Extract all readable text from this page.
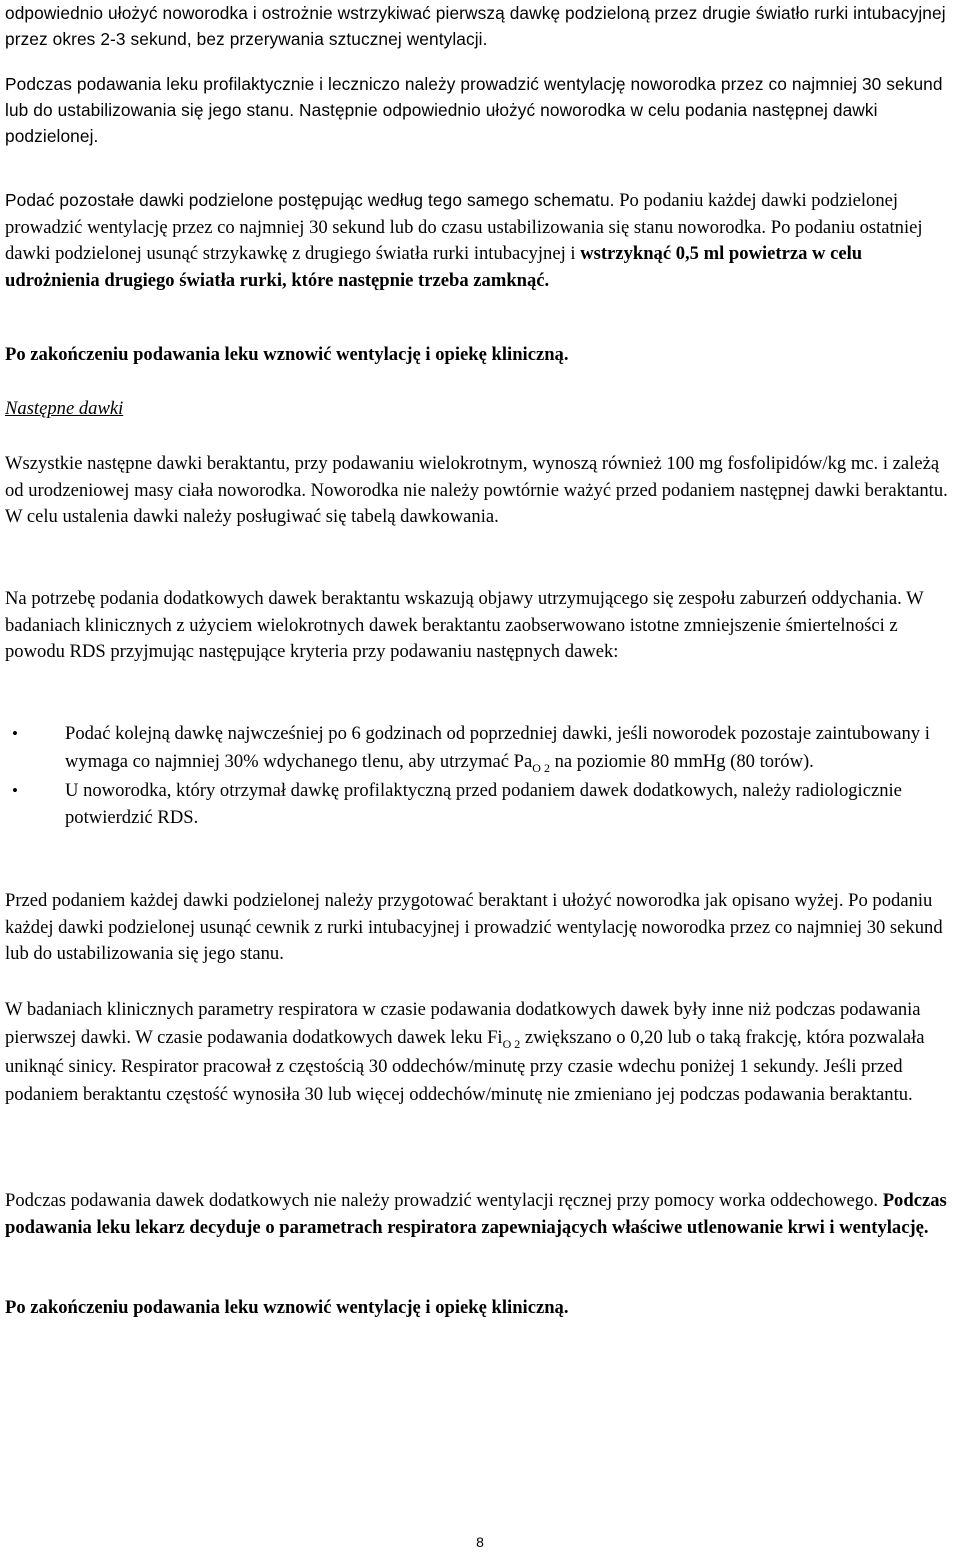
odpowiednio ułożyć noworodka i ostrożnie wstrzykiwać pierwszą dawkę podzieloną przez drugie światło rurki intubacyjnej przez okres 2-3 sekund, bez przerywania sztucznej wentylacji.

Podczas podawania leku profilaktycznie i leczniczo należy prowadzić wentylację noworodka przez co najmniej 30 sekund lub do ustabilizowania się jego stanu. Następnie odpowiednio ułożyć noworodka w celu podania następnej dawki podzielonej.

Podać pozostałe dawki podzielone postępując według tego samego schematu. Po podaniu każdej dawki podzielonej prowadzić wentylację przez co najmniej 30 sekund lub do czasu ustabilizowania się stanu noworodka. Po podaniu ostatniej dawki podzielonej usunąć strzykawkę z drugiego światła rurki intubacyjnej i wstrzyknąć 0,5 ml powietrza w celu udrożnienia drugiego światła rurki, które następnie trzeba zamknąć.

Po zakończeniu podawania leku wznowić wentylację i opiekę kliniczną.

Następne dawki

Wszystkie następne dawki beraktantu, przy podawaniu wielokrotnym, wynoszą również 100 mg fosfolipidów/kg mc. i zależą od urodzeniowej masy ciała noworodka. Noworodka nie należy powtórnie ważyć przed podaniem następnej dawki beraktantu. W celu ustalenia dawki należy posługiwać się tabelą dawkowania.

Na potrzebę podania dodatkowych dawek beraktantu wskazują objawy utrzymującego się zespołu zaburzeń oddychania. W badaniach klinicznych z użyciem wielokrotnych dawek beraktantu zaobserwowano istotne zmniejszenie śmiertelności z powodu RDS przyjmując następujące kryteria przy podawaniu następnych dawek:

•	Podać kolejną dawkę najwcześniej po 6 godzinach od poprzedniej dawki, jeśli noworodek pozostaje zaintubowany i wymaga co najmniej 30% wdychanego tlenu, aby utrzymać $Pa_{O 2}$ na poziomie 80 mmHg (80 torów).
•	U noworodka, który otrzymał dawkę profilaktyczną przed podaniem dawek dodatkowych, należy radiologicznie potwierdzić RDS.

Przed podaniem każdej dawki podzielonej należy przygotować beraktant i ułożyć noworodka jak opisano wyżej. Po podaniu każdej dawki podzielonej usunąć cewnik z rurki intubacyjnej i prowadzić wentylację noworodka przez co najmniej 30 sekund lub do ustabilizowania się jego stanu.

W badaniach klinicznych parametry respiratora w czasie podawania dodatkowych dawek były inne niż podczas podawania pierwszej dawki. W czasie podawania dodatkowych dawek leku $Fi_{O 2}$ zwiększano o 0,20 lub o taką frakcję, która pozwalała uniknąć sinicy. Respirator pracował z częstością 30 oddechów/minutę przy czasie wdechu poniżej 1 sekundy. Jeśli przed podaniem beraktantu częstość wynosiła 30 lub więcej oddechów/minutę nie zmieniano jej podczas podawania beraktantu.

Podczas podawania dawek dodatkowych nie należy prowadzić wentylacji ręcznej przy pomocy worka oddechowego. Podczas podawania leku lekarz decyduje o parametrach respiratora zapewniających właściwe utlenowanie krwi i wentylację.

Po zakończeniu podawania leku wznowić wentylację i opiekę kliniczną.

8
